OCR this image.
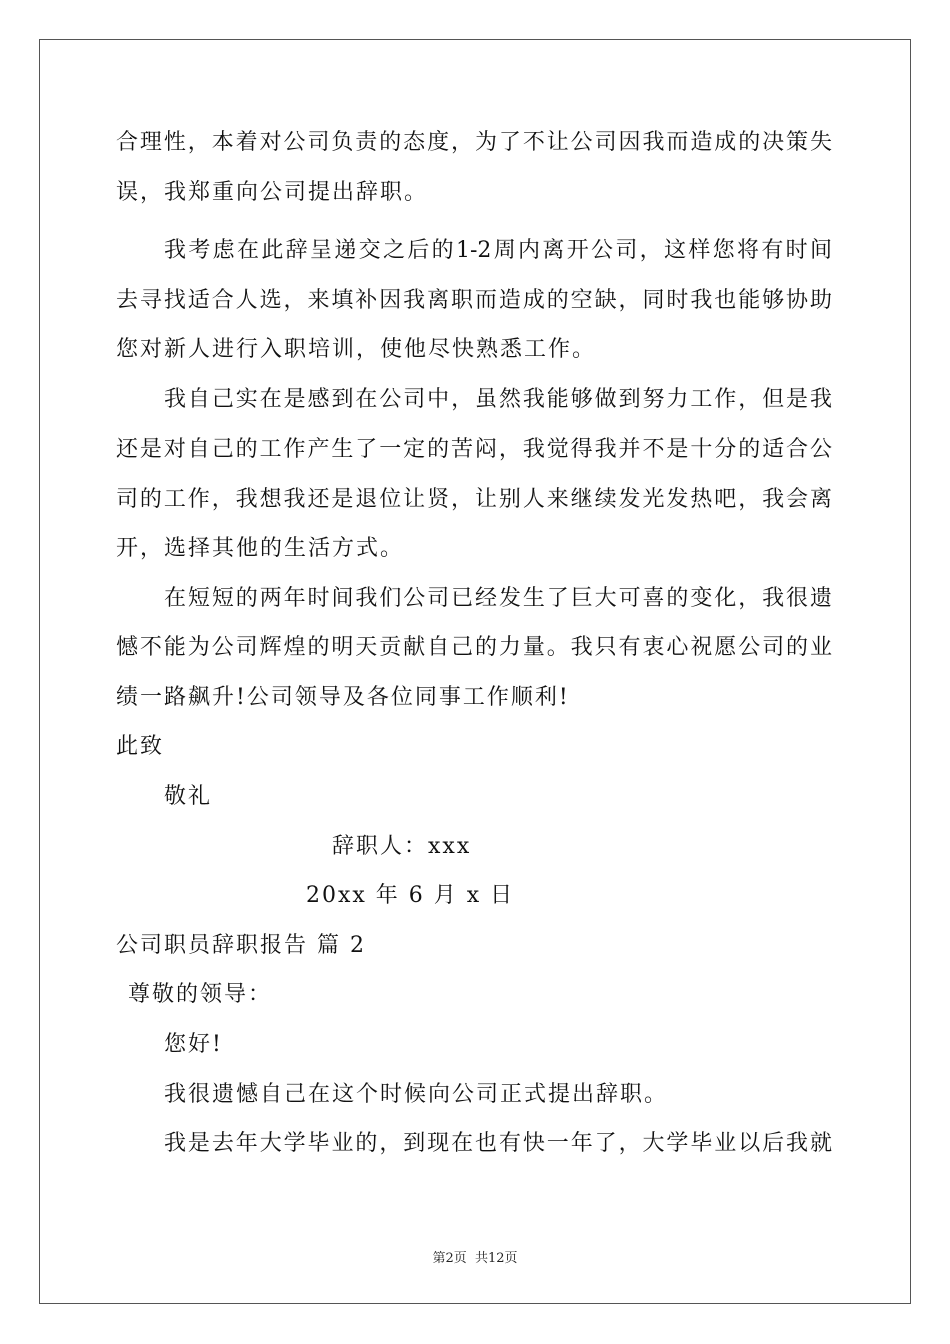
合理性，本着对公司负责的态度，为了不让公司因我而造成的决策失
误，我郑重向公司提出辞职。
我考虑在此辞呈递交之后的1-2周内离开公司，这样您将有时间
去寻找适合人选，来填补因我离职而造成的空缺，同时我也能够协助
您对新人进行入职培训，使他尽快熟悉工作。
我自己实在是感到在公司中，虽然我能够做到努力工作，但是我
还是对自己的工作产生了一定的苦闷，我觉得我并不是十分的适合公
司的工作，我想我还是退位让贤，让别人来继续发光发热吧，我会离
开，选择其他的生活方式。
在短短的两年时间我们公司已经发生了巨大可喜的变化，我很遗
憾不能为公司辉煌的明天贡献自己的力量。我只有衷心祝愿公司的业
绩一路飙升!公司领导及各位同事工作顺利!
此致
敬礼
辞职人：xxx
20xx 年 6 月 x 日
公司职员辞职报告 篇 2
尊敬的领导：
您好!
我很遗憾自己在这个时候向公司正式提出辞职。
我是去年大学毕业的，到现在也有快一年了，大学毕业以后我就
第2页 共12页
